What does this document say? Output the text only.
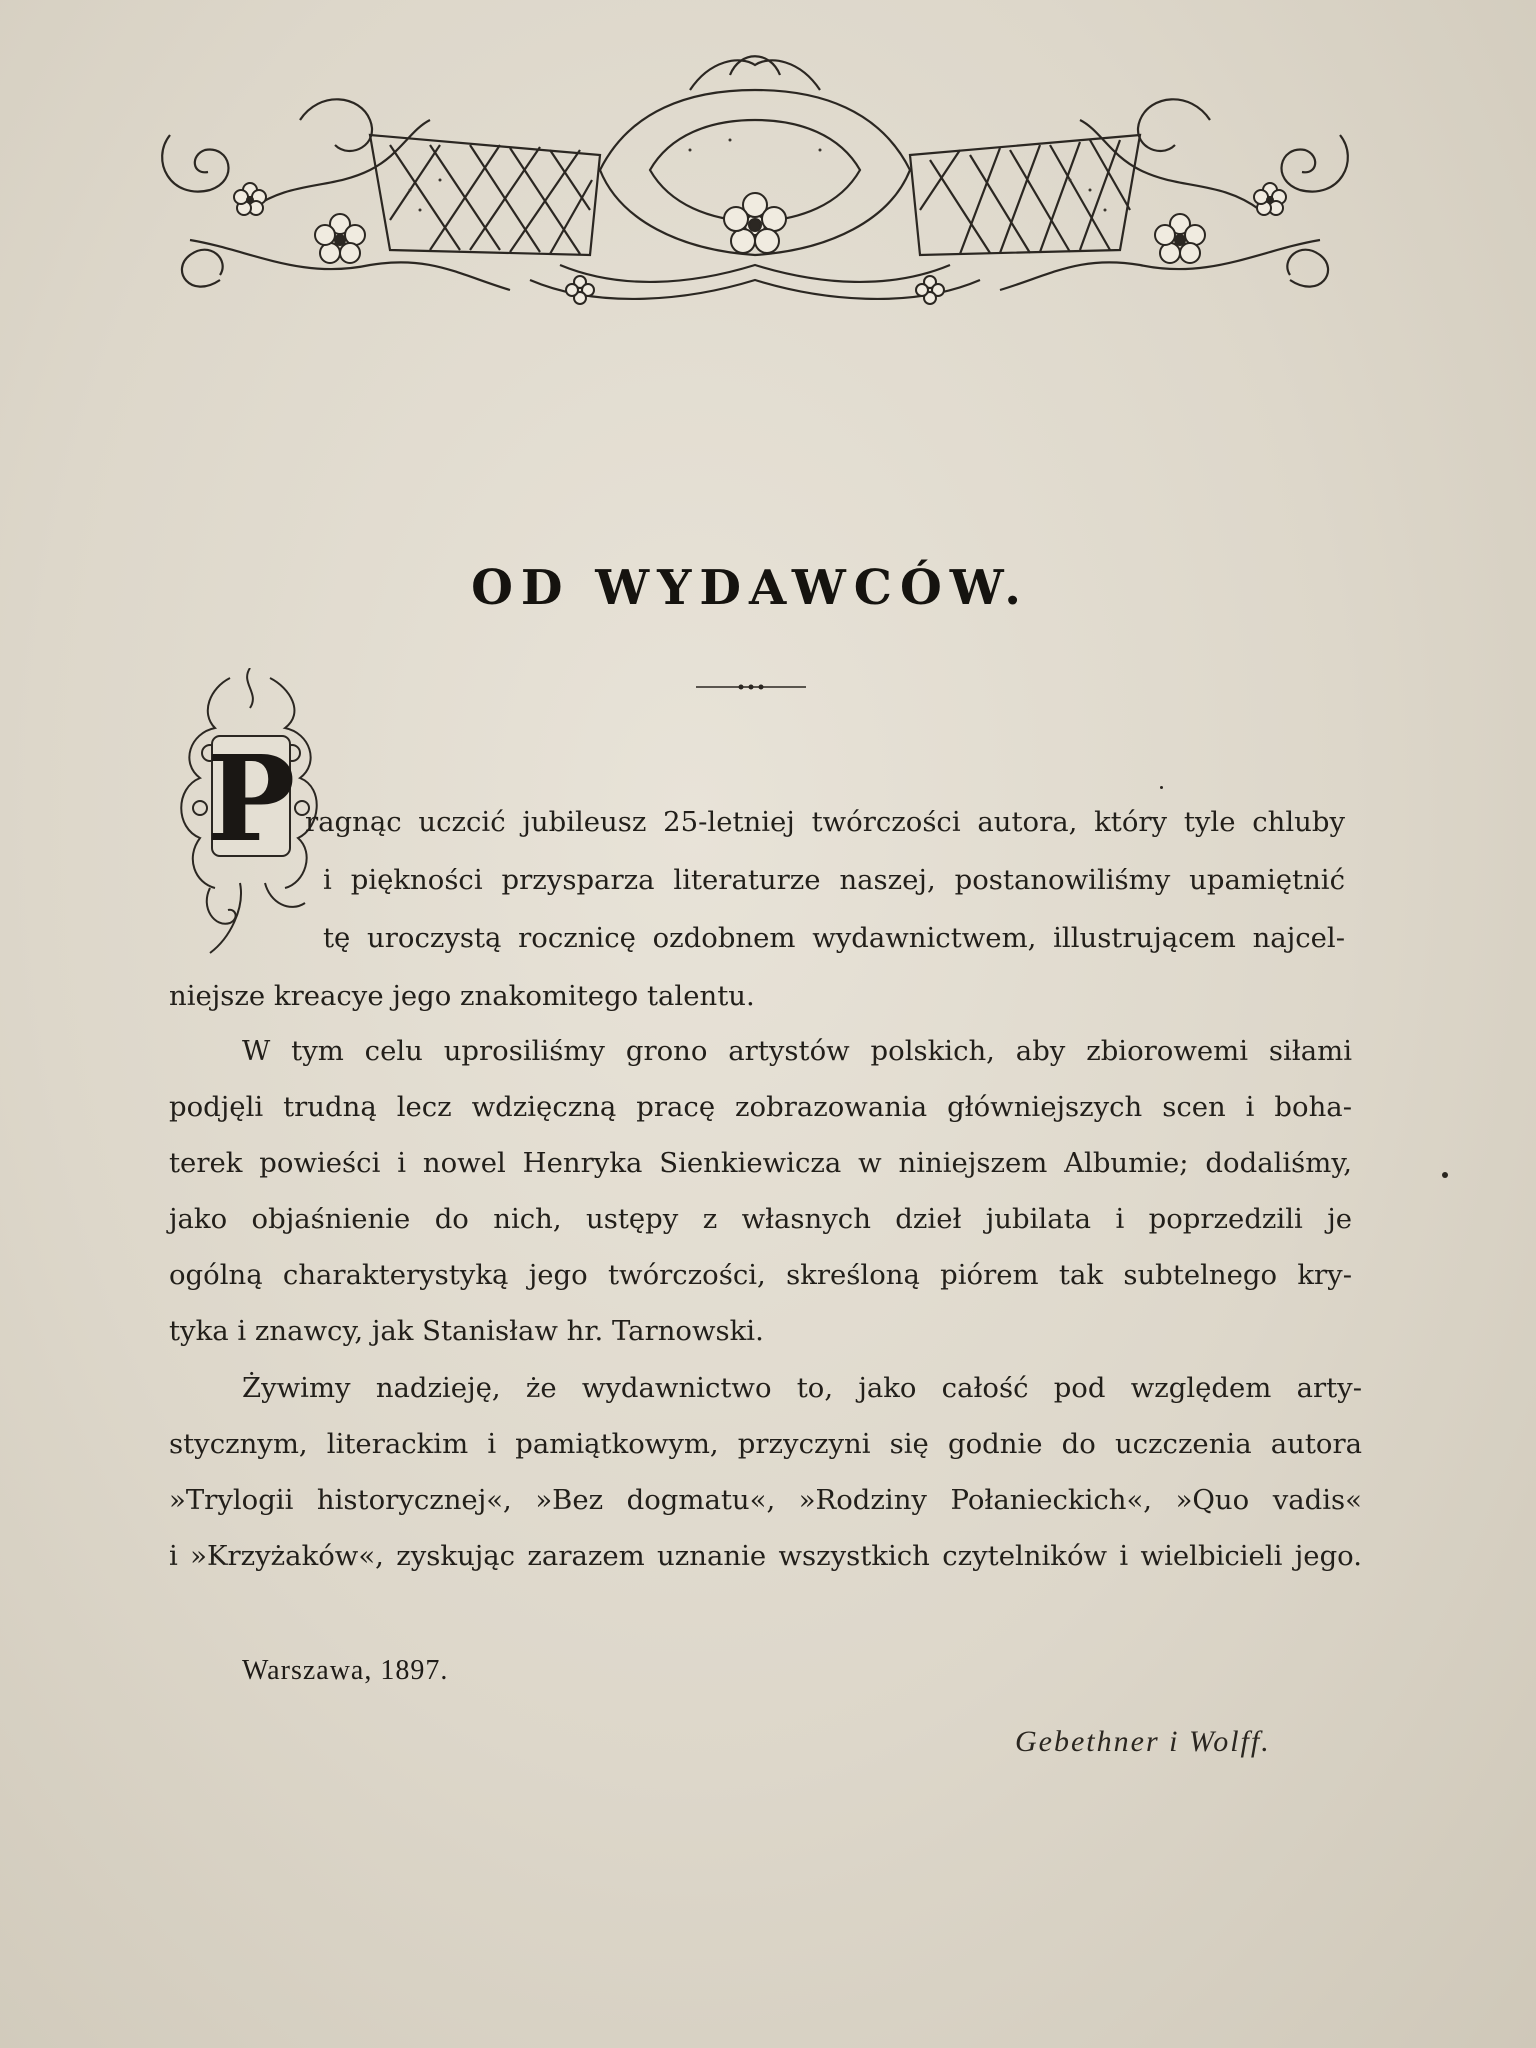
OD WYDAWCÓW.
P ragnąc uczcić jubileusz 25-letniej twórczości autora, który tyle chluby
i piękności przysparza literaturze naszej, postanowiliśmy upamiętnić
tę uroczystą rocznicę ozdobnem wydawnictwem, illustrującem najcel-
niejsze kreacye jego znakomitego talentu.
W tym celu uprosiliśmy grono artystów polskich, aby zbiorowemi siłami
podjęli trudną lecz wdzięczną pracę zobrazowania główniejszych scen i boha-
terek powieści i nowel Henryka Sienkiewicza w niniejszem Albumie; dodaliśmy,
jako objaśnienie do nich, ustępy z własnych dzieł jubilata i poprzedzili je
ogólną charakterystyką jego twórczości, skreśloną piórem tak subtelnego kry-
tyka i znawcy, jak Stanisław hr. Tarnowski.
Żywimy nadzieję, że wydawnictwo to, jako całość pod względem arty-
stycznym, literackim i pamiątkowym, przyczyni się godnie do uczczenia autora
»Trylogii historycznej«, »Bez dogmatu«, »Rodziny Połanieckich«, »Quo vadis«
i »Krzyżaków«, zyskując zarazem uznanie wszystkich czytelników i wielbicieli jego.
Warszawa, 1897.
Gebethner i Wolff.
